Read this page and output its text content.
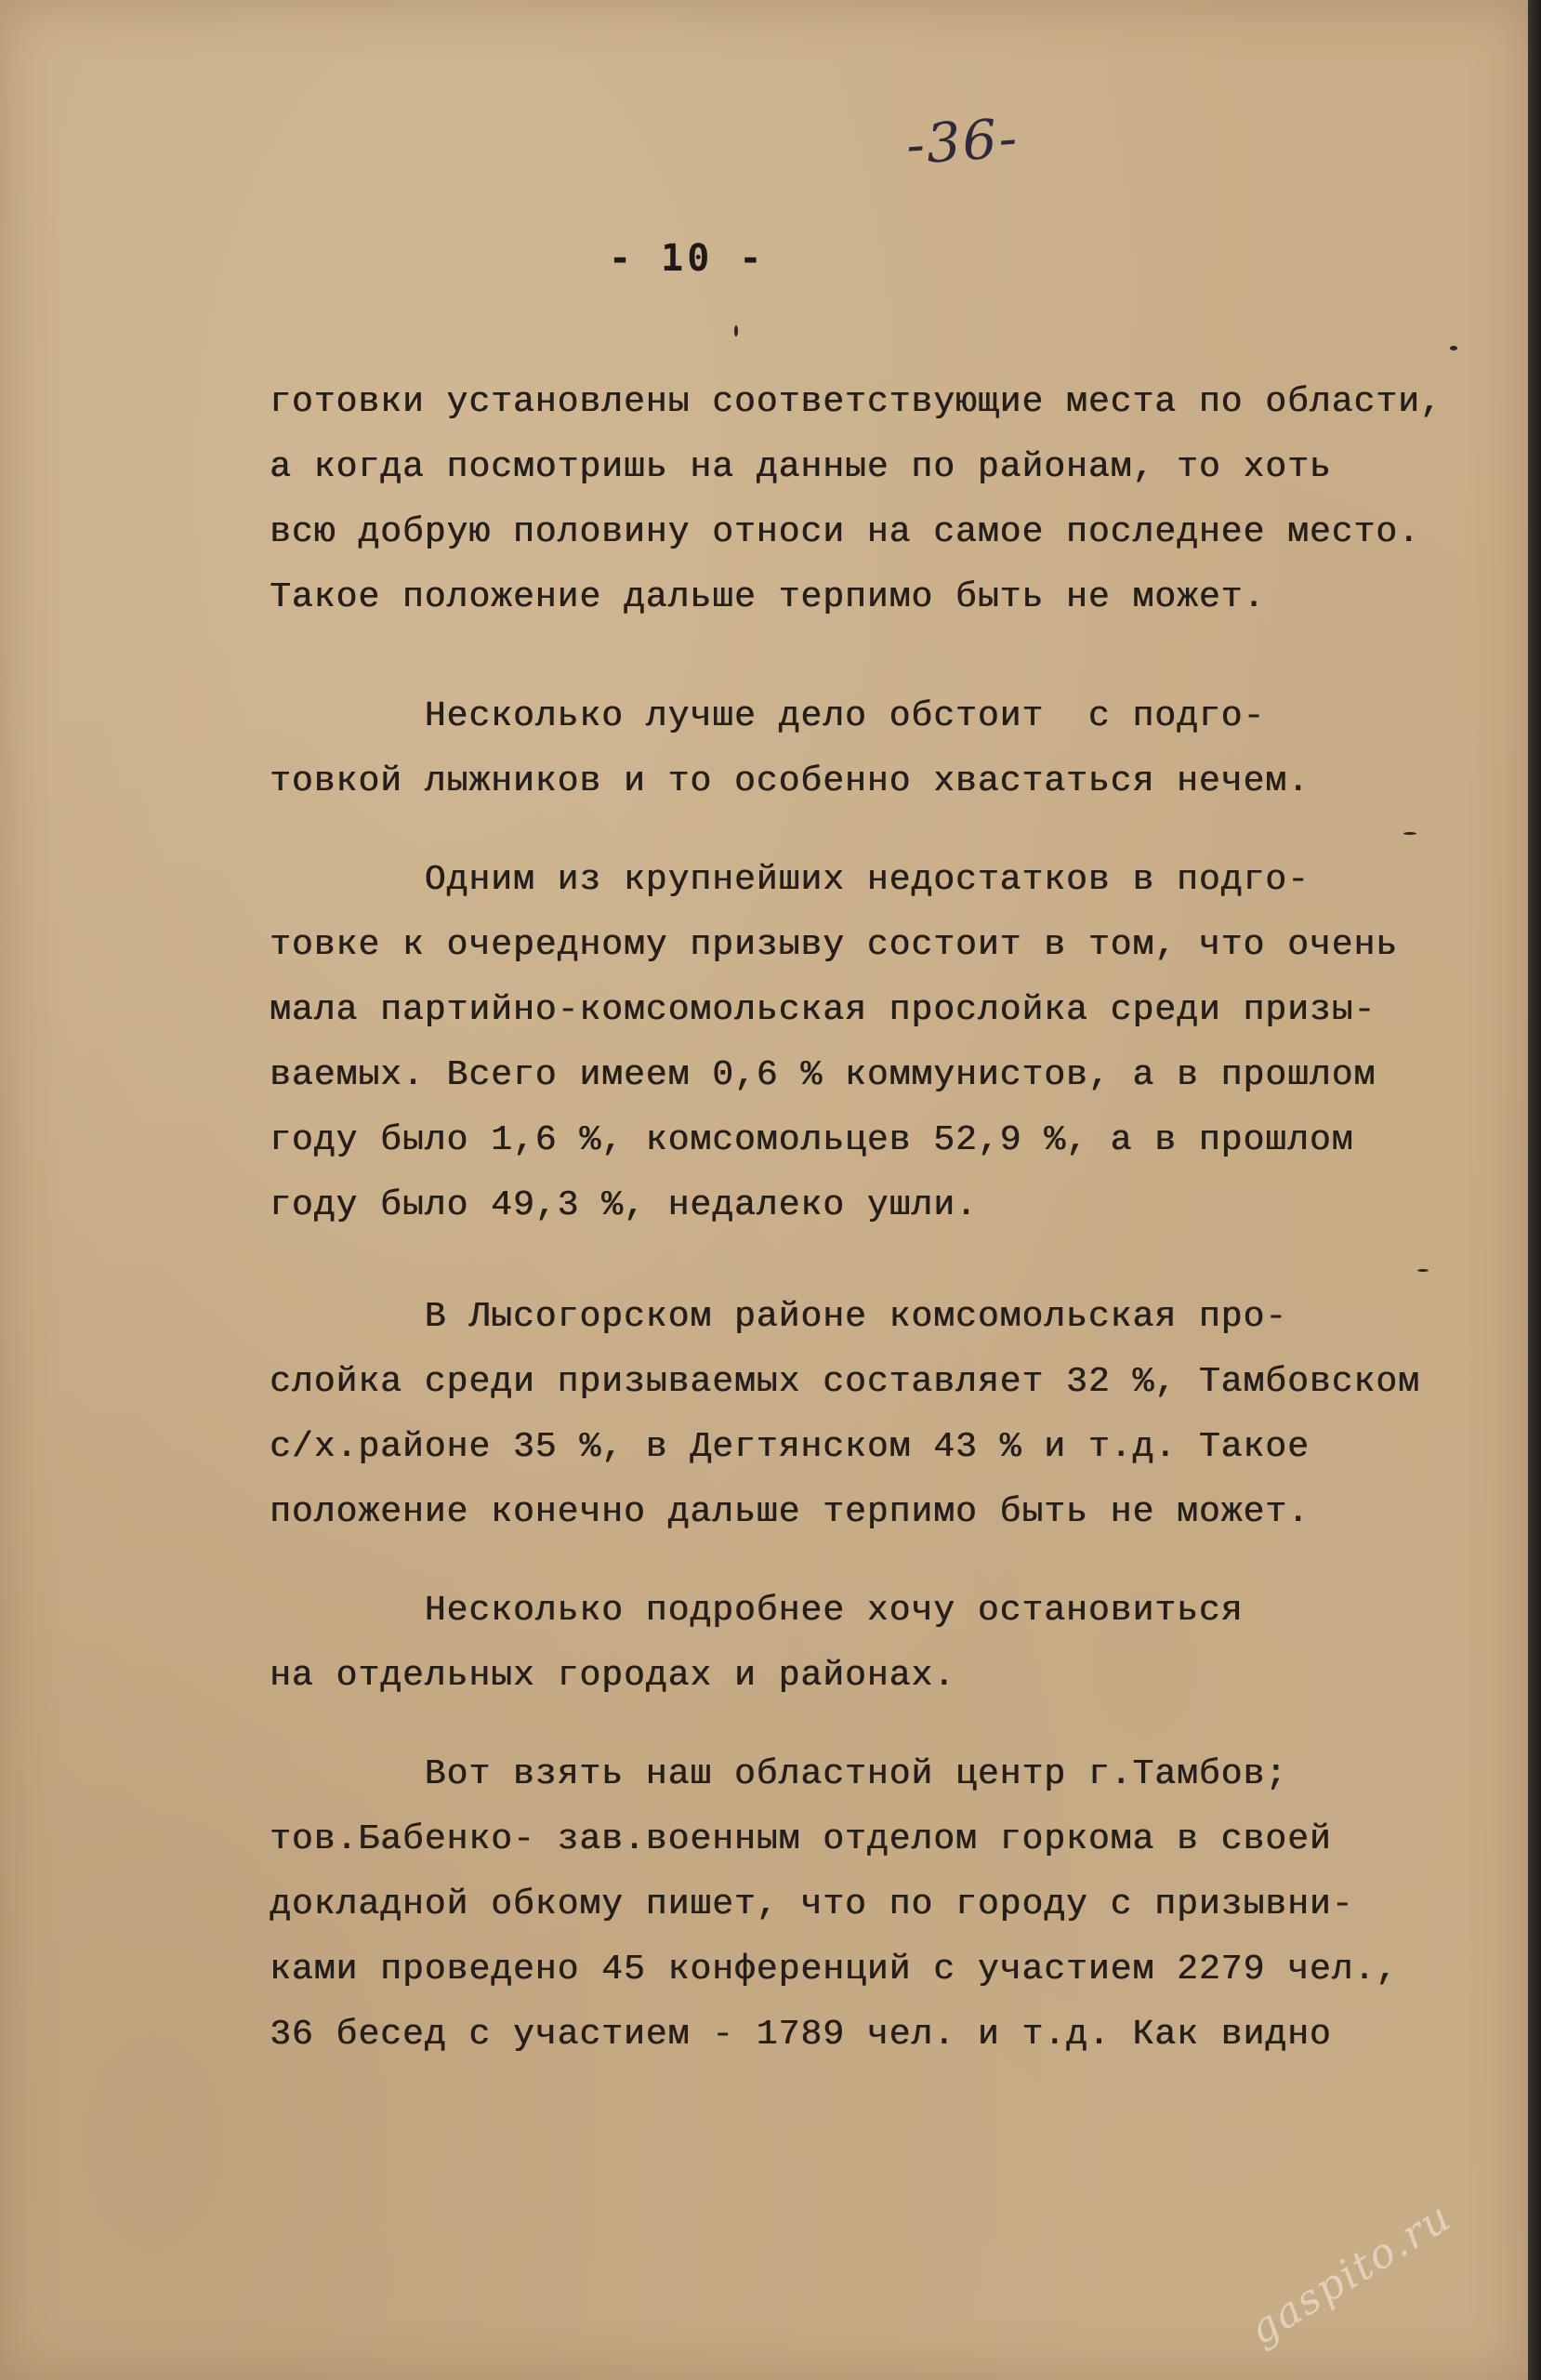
-36-
- 10 -
готовки установлены соответствующие места по области,
а когда посмотришь на данные по районам, то хоть
всю добрую половину относи на самое последнее место.
Такое положение дальше терпимо быть не может.
Несколько лучше дело обстоит  с подго-
товкой лыжников и то особенно хвастаться нечем.
Одним из крупнейших недостатков в подго-
товке к очередному призыву состоит в том, что очень
мала партийно-комсомольская прослойка среди призы-
ваемых. Всего имеем 0,6 % коммунистов, а в прошлом
году было 1,6 %, комсомольцев 52,9 %, а в прошлом
году было 49,3 %, недалеко ушли.
В Лысогорском районе комсомольская про-
слойка среди призываемых составляет 32 %, Тамбовском
с/х.районе 35 %, в Дегтянском 43 % и т.д. Такое
положение конечно дальше терпимо быть не может.
Несколько подробнее хочу остановиться
на отдельных городах и районах.
Вот взять наш областной центр г.Тамбов;
тов.Бабенко- зав.военным отделом горкома в своей
докладной обкому пишет, что по городу с призывни-
ками проведено 45 конференций с участием 2279 чел.,
36 бесед с участием - 1789 чел. и т.д. Как видно
gaspito.ru
